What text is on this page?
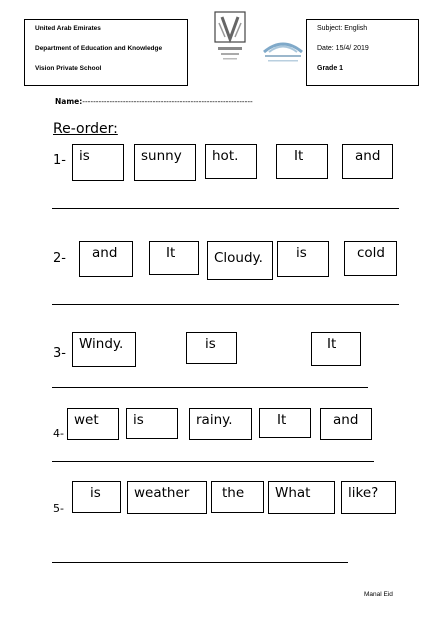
United Arab Emirates
Department of Education and Knowledge
Vision Private School
Subject: English
Date: 15/4/ 2019
Grade 1
Name:---------------------------------------------------------------
Re-order:
1- is	sunny	hot.	It	and
2-	and	It	Cloudy.	is	cold
3-
Windy.	is	It
4-
wet	is	rainy.	It	and
5-
is	weather	the	What	like?
Manal Eid
